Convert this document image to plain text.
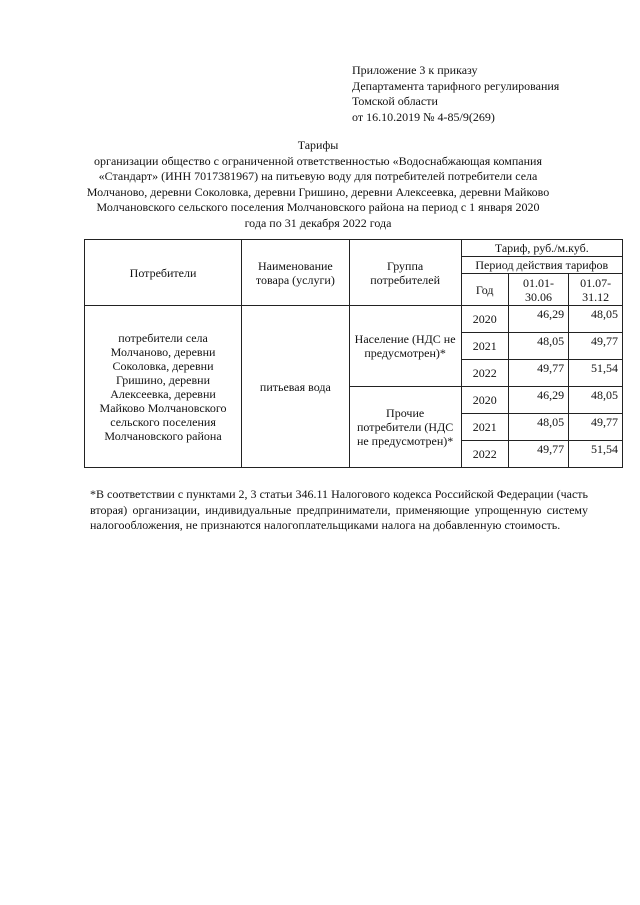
Приложение 3 к приказу
Департамента тарифного регулирования
Томской области
от 16.10.2019 № 4-85/9(269)
Тарифы
организации общество с ограниченной ответственностью «Водоснабжающая компания
«Стандарт» (ИНН 7017381967) на питьевую воду для потребителей потребители села
Молчаново, деревни Соколовка, деревни Гришино, деревни Алексеевка, деревни Майково
Молчановского сельского поселения Молчановского района на период с 1 января 2020
года по 31 декабря 2022 года
Потребители	Наименование товара (услуги)	Группа потребителей	Тариф, руб./м.куб.		
			Период действия тарифов		
			Год	01.01-30.06	01.07-31.12
потребители села Молчаново, деревни Соколовка, деревни Гришино, деревни Алексеевка, деревни Майково Молчановского сельского поселения Молчановского района	питьевая вода	Население (НДС не предусмотрен)*	2020	46,29	48,05
			2021	48,05	49,77
			2022	49,77	51,54
		Прочие потребители (НДС не предусмотрен)*	2020	46,29	48,05
			2021	48,05	49,77
			2022	49,77	51,54
*В соответствии с пунктами 2, 3 статьи 346.11 Налогового кодекса Российской Федерации (часть вторая) организации, индивидуальные предприниматели, применяющие упрощенную систему налогообложения, не признаются налогоплательщиками налога на добавленную стоимость.
